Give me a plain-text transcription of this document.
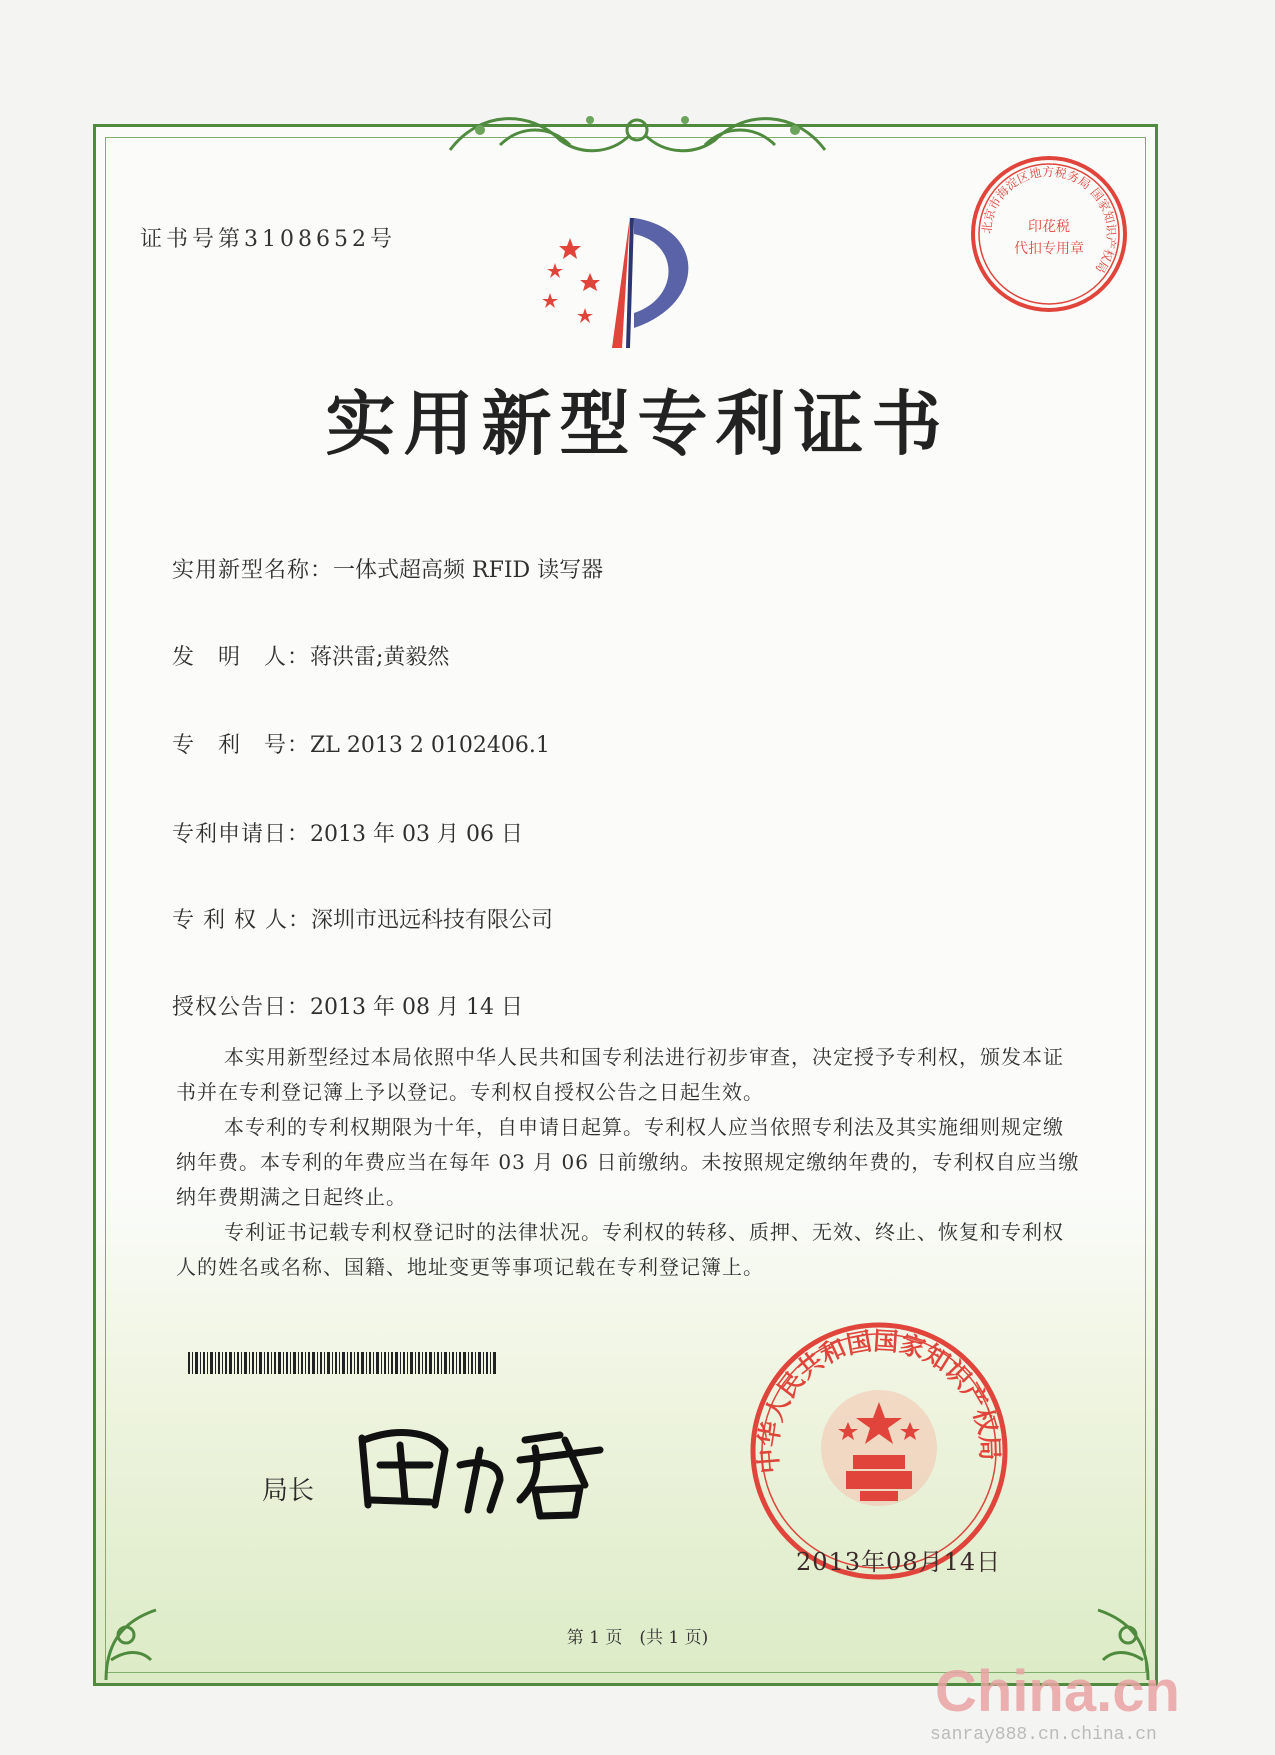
证书号第3108652号	北京市海淀区地方税务局 国家知识产权局
印花税
代扣专用章
实用新型专利证书
实用新型名称：一体式超高频 RFID 读写器
发　明　人：蒋洪雷;黄毅然
专　利　号：ZL 2013 2 0102406.1
专利申请日：2013 年 03 月 06 日
专 利 权 人：深圳市迅远科技有限公司
授权公告日：2013 年 08 月 14 日
本实用新型经过本局依照中华人民共和国专利法进行初步审查，决定授予专利权，颁发本证书并在专利登记簿上予以登记。专利权自授权公告之日起生效。
本专利的专利权期限为十年，自申请日起算。专利权人应当依照专利法及其实施细则规定缴纳年费。本专利的年费应当在每年 03 月 06 日前缴纳。未按照规定缴纳年费的，专利权自应当缴纳年费期满之日起终止。
专利证书记载专利权登记时的法律状况。专利权的转移、质押、无效、终止、恢复和专利权人的姓名或名称、国籍、地址变更等事项记载在专利登记簿上。
局长
中华人民共和国国家知识产权局
2013年08月14日
第 1 页　(共 1 页)
China.cn
sanray888.cn.china.cn
